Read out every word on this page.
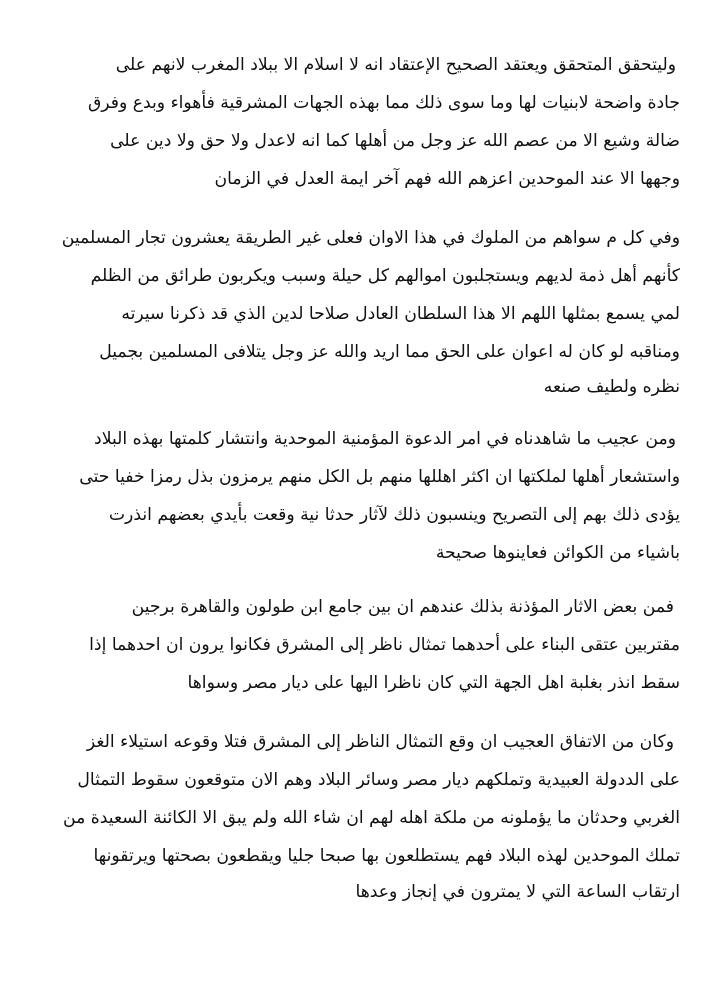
وليتحقق المتحقق ويعتقد الصحيح الإعتقاد انه لا اسلام الا ببلاد المغرب لانهم على
جادة واضحة لابنيات لها وما سوى ذلك مما بهذه الجهات المشرقية فأهواء وبدع وفرق
ضالة وشيع الا من عصم الله عز وجل من أهلها كما انه لاعدل ولا حق ولا دين على
وجهها الا عند الموحدين اعزهم الله فهم آخر ايمة العدل في الزمان
وفي كل م سواهم من الملوك في هذا الاوان فعلى غير الطريقة يعشرون تجار المسلمين
كأنهم أهل ذمة لديهم ويستجلبون اموالهم كل حيلة وسبب ويكربون طرائق من الظلم
لمي يسمع بمثلها اللهم الا هذا السلطان العادل صلاحا لدين الذي قد ذكرنا سيرته
ومناقبه لو كان له اعوان على الحق مما اريد والله عز وجل يتلافى المسلمين بجميل
نظره ولطيف صنعه
ومن عجيب ما شاهدناه في امر الدعوة المؤمنية الموحدية وانتشار كلمتها بهذه البلاد
واستشعار أهلها لملكتها ان اكثر اهللها منهم بل الكل منهم يرمزون بذل رمزا خفيا حتى
يؤدى ذلك بهم إلى التصريح وينسبون ذلك لآثار حدثا نية وقعت بأيدي بعضهم انذرت
باشياء من الكوائن فعاينوها صحيحة
فمن بعض الاثار المؤذنة بذلك عندهم ان بين جامع ابن طولون والقاهرة برجين
مقتربين عتقى البناء على أحدهما تمثال ناظر إلى المشرق فكانوا يرون ان احدهما إذا
سقط انذر بغلبة اهل الجهة التي كان ناظرا اليها على ديار مصر وسواها
وكان من الاتفاق العجيب ان وقع التمثال الناظر إلى المشرق فتلا وقوعه استيلاء الغز
على الددولة العبيدية وتملكهم ديار مصر وسائر البلاد وهم الان متوقعون سقوط التمثال
الغربي وحدثان ما يؤملونه من ملكة اهله لهم ان شاء الله ولم يبق الا الكائنة السعيدة من
تملك الموحدين لهذه البلاد فهم يستطلعون بها صبحا جليا ويقطعون بصحتها ويرتقونها
ارتقاب الساعة التي لا يمترون في إنجاز وعدها
